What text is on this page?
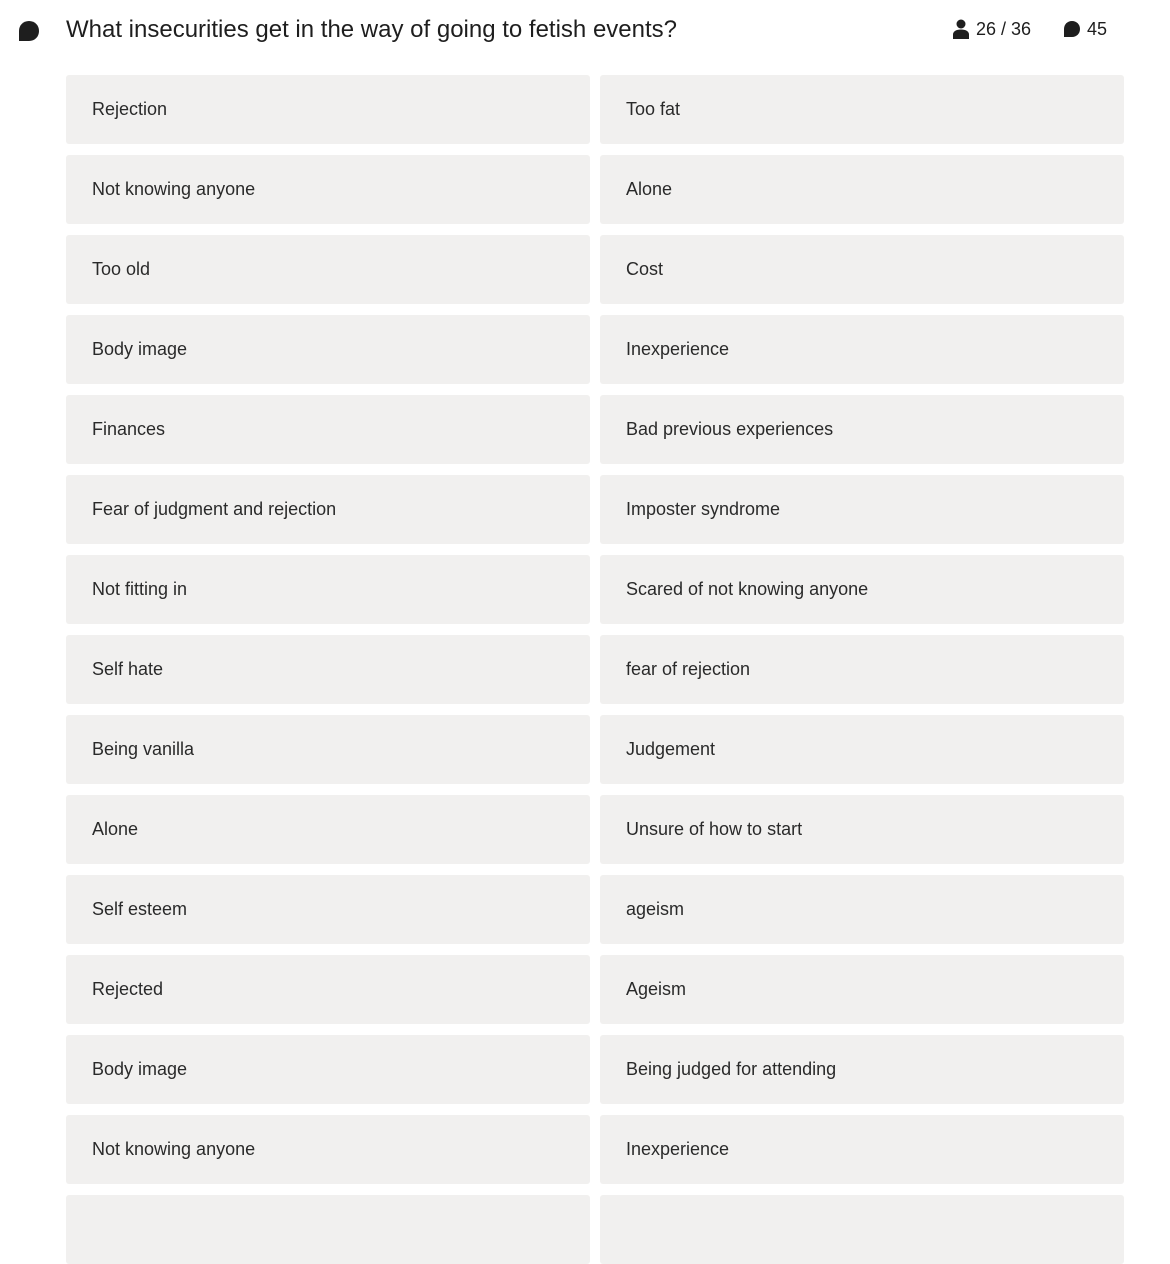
What insecurities get in the way of going to fetish events?	26 / 36	45
Rejection	Too fat
Not knowing anyone	Alone
Too old	Cost
Body image	Inexperience
Finances	Bad previous experiences
Fear of judgment and rejection	Imposter syndrome
Not fitting in	Scared of not knowing anyone
Self hate	fear of rejection
Being vanilla	Judgement
Alone	Unsure of how to start
Self esteem	ageism
Rejected	Ageism
Body image	Being judged for attending
Not knowing anyone	Inexperience
